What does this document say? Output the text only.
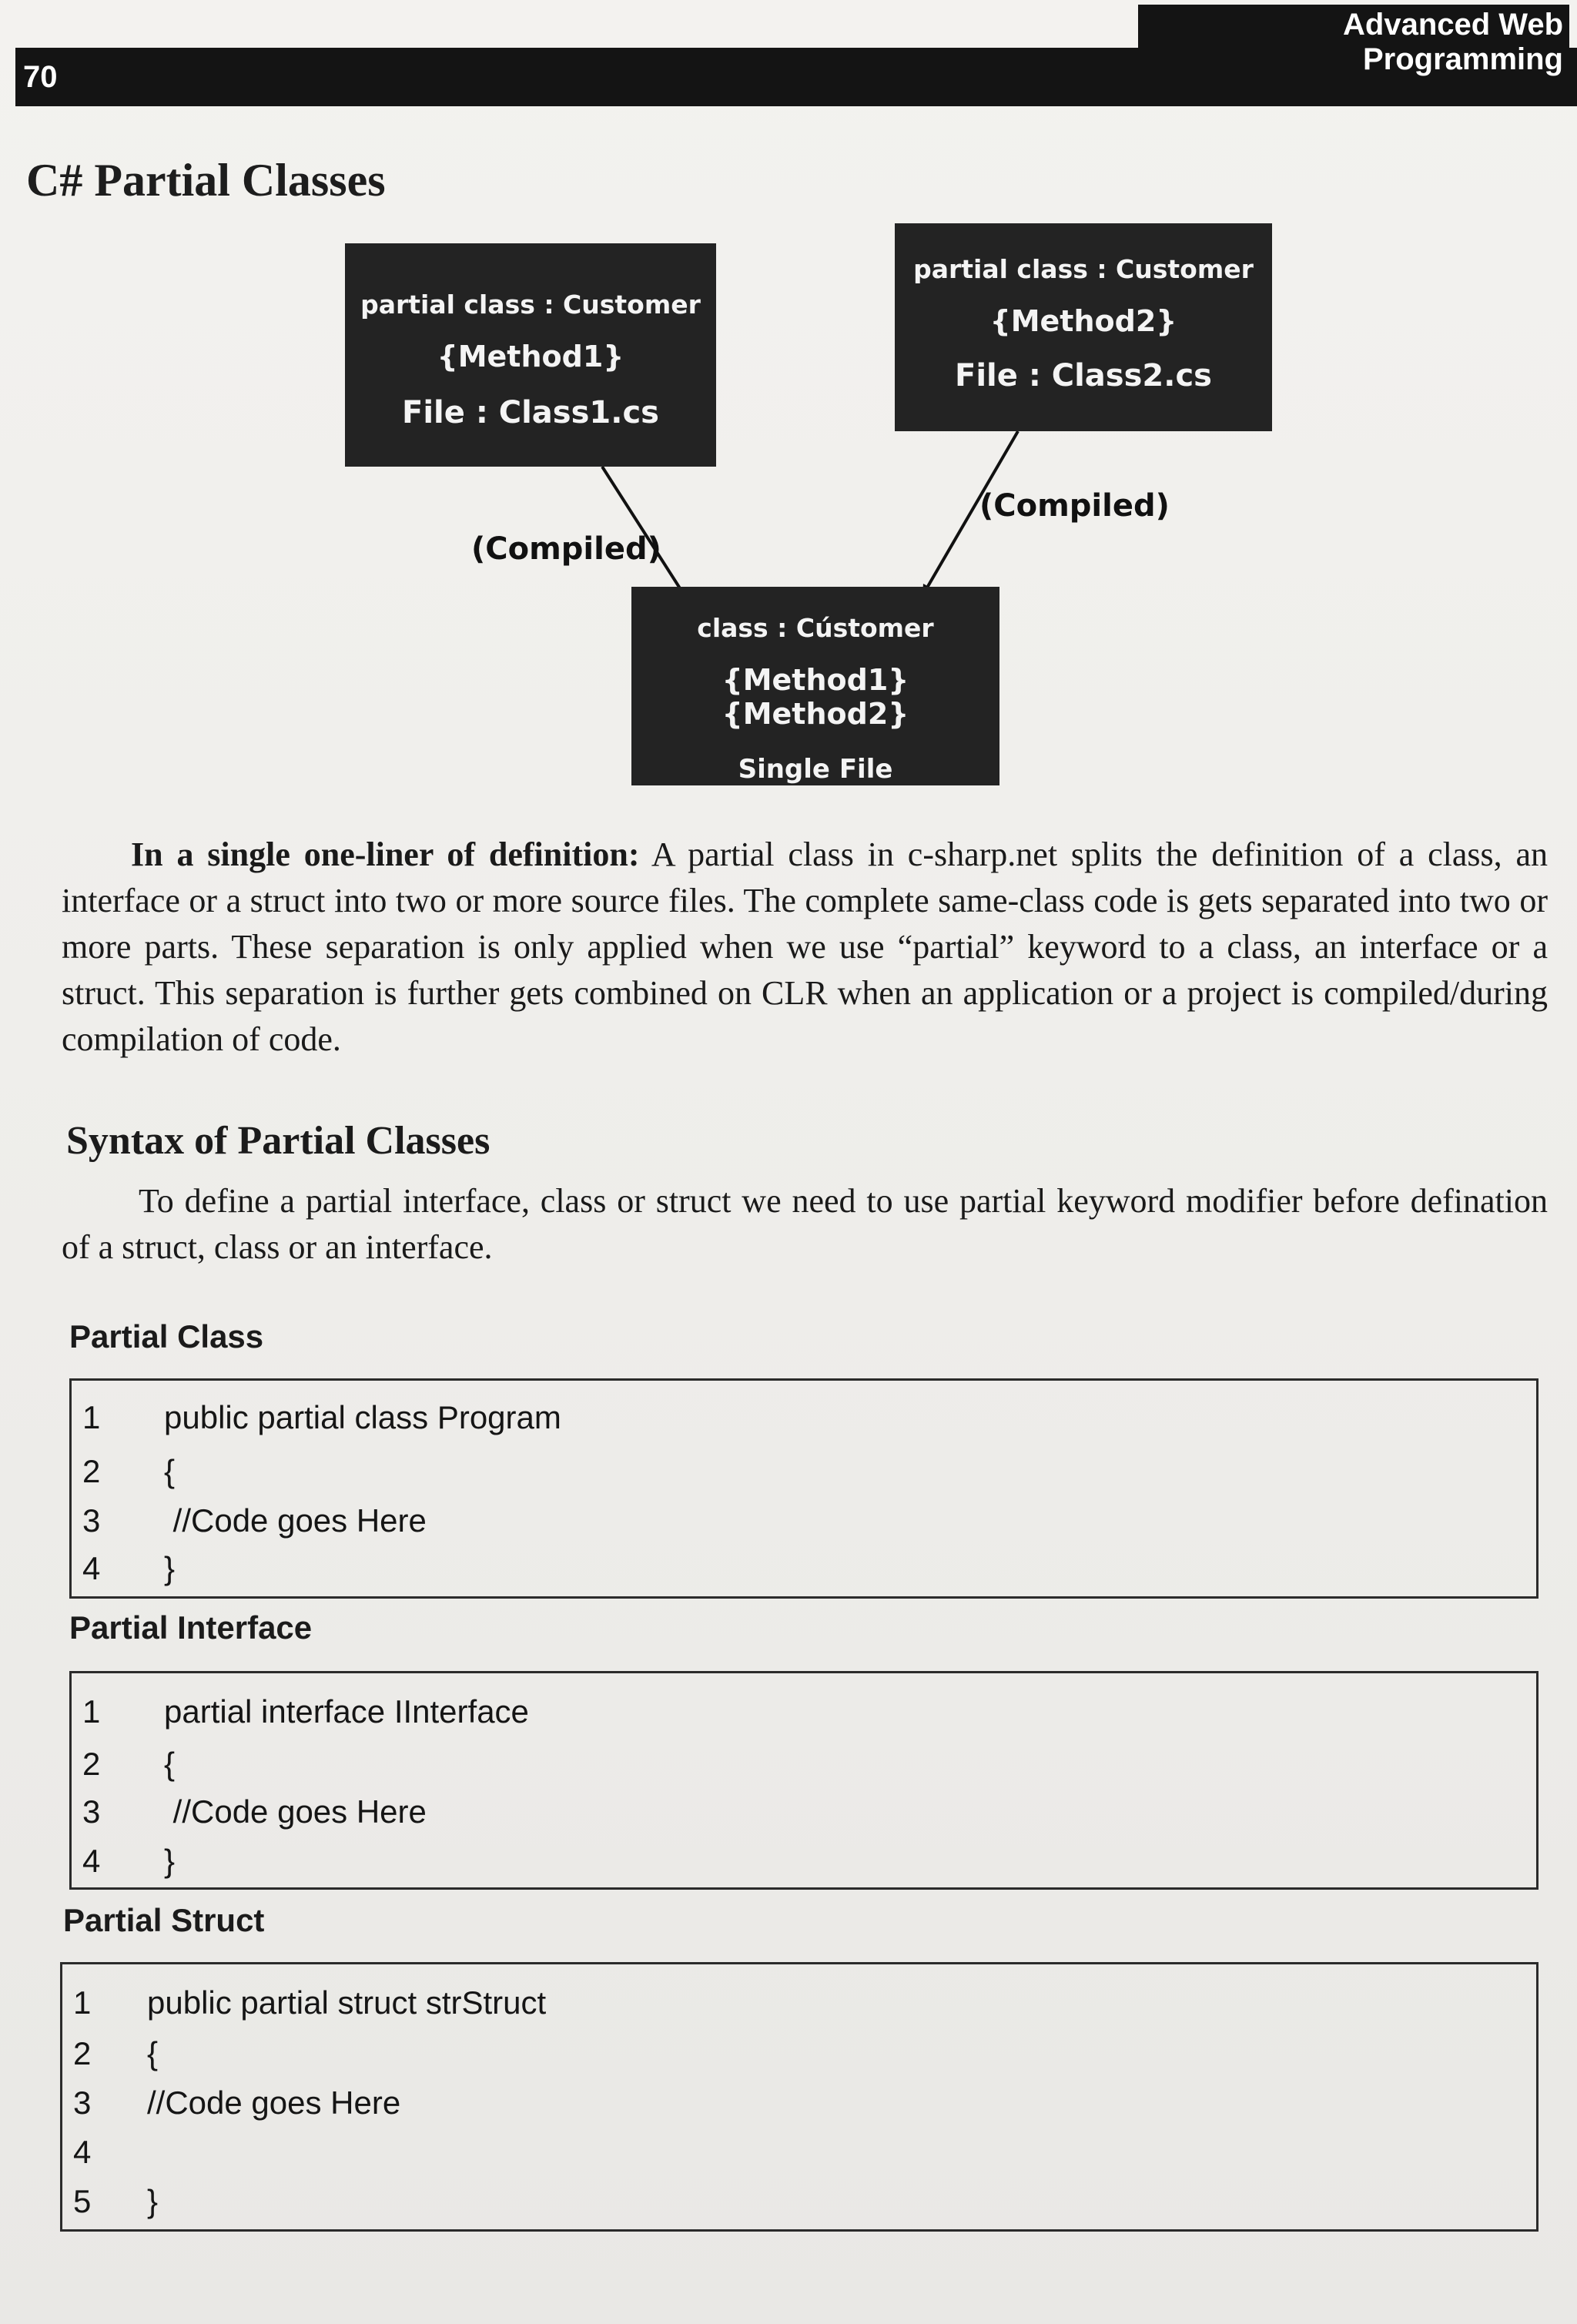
70
Advanced Web Programming
C# Partial Classes
partial class : Customer
{Method1}
File : Class1.cs
partial class : Customer
{Method2}
File : Class2.cs
(Compiled)
(Compiled)
class : Cústomer
{Method1} {Method2}
Single File

In a single one-liner of definition: A partial class in c-sharp.net splits the definition of a class, an interface or a struct into two or more source files. The complete same-class code is gets separated into two or more parts. These separation is only applied when we use “partial” keyword to a class, an interface or a struct. This separation is further gets combined on CLR when an application or a project is compiled/during compilation of code.

Syntax of Partial Classes

To define a partial interface, class or struct we need to use partial keyword modifier before defination of a struct, class or an interface.

Partial Class
1	public partial class Program
2	{
3	//Code goes Here
4	}
Partial Interface
1	partial interface IInterface
2	{
3	//Code goes Here
4	}
Partial Struct
1	public partial struct strStruct
2	{
3	//Code goes Here
4
5	}
